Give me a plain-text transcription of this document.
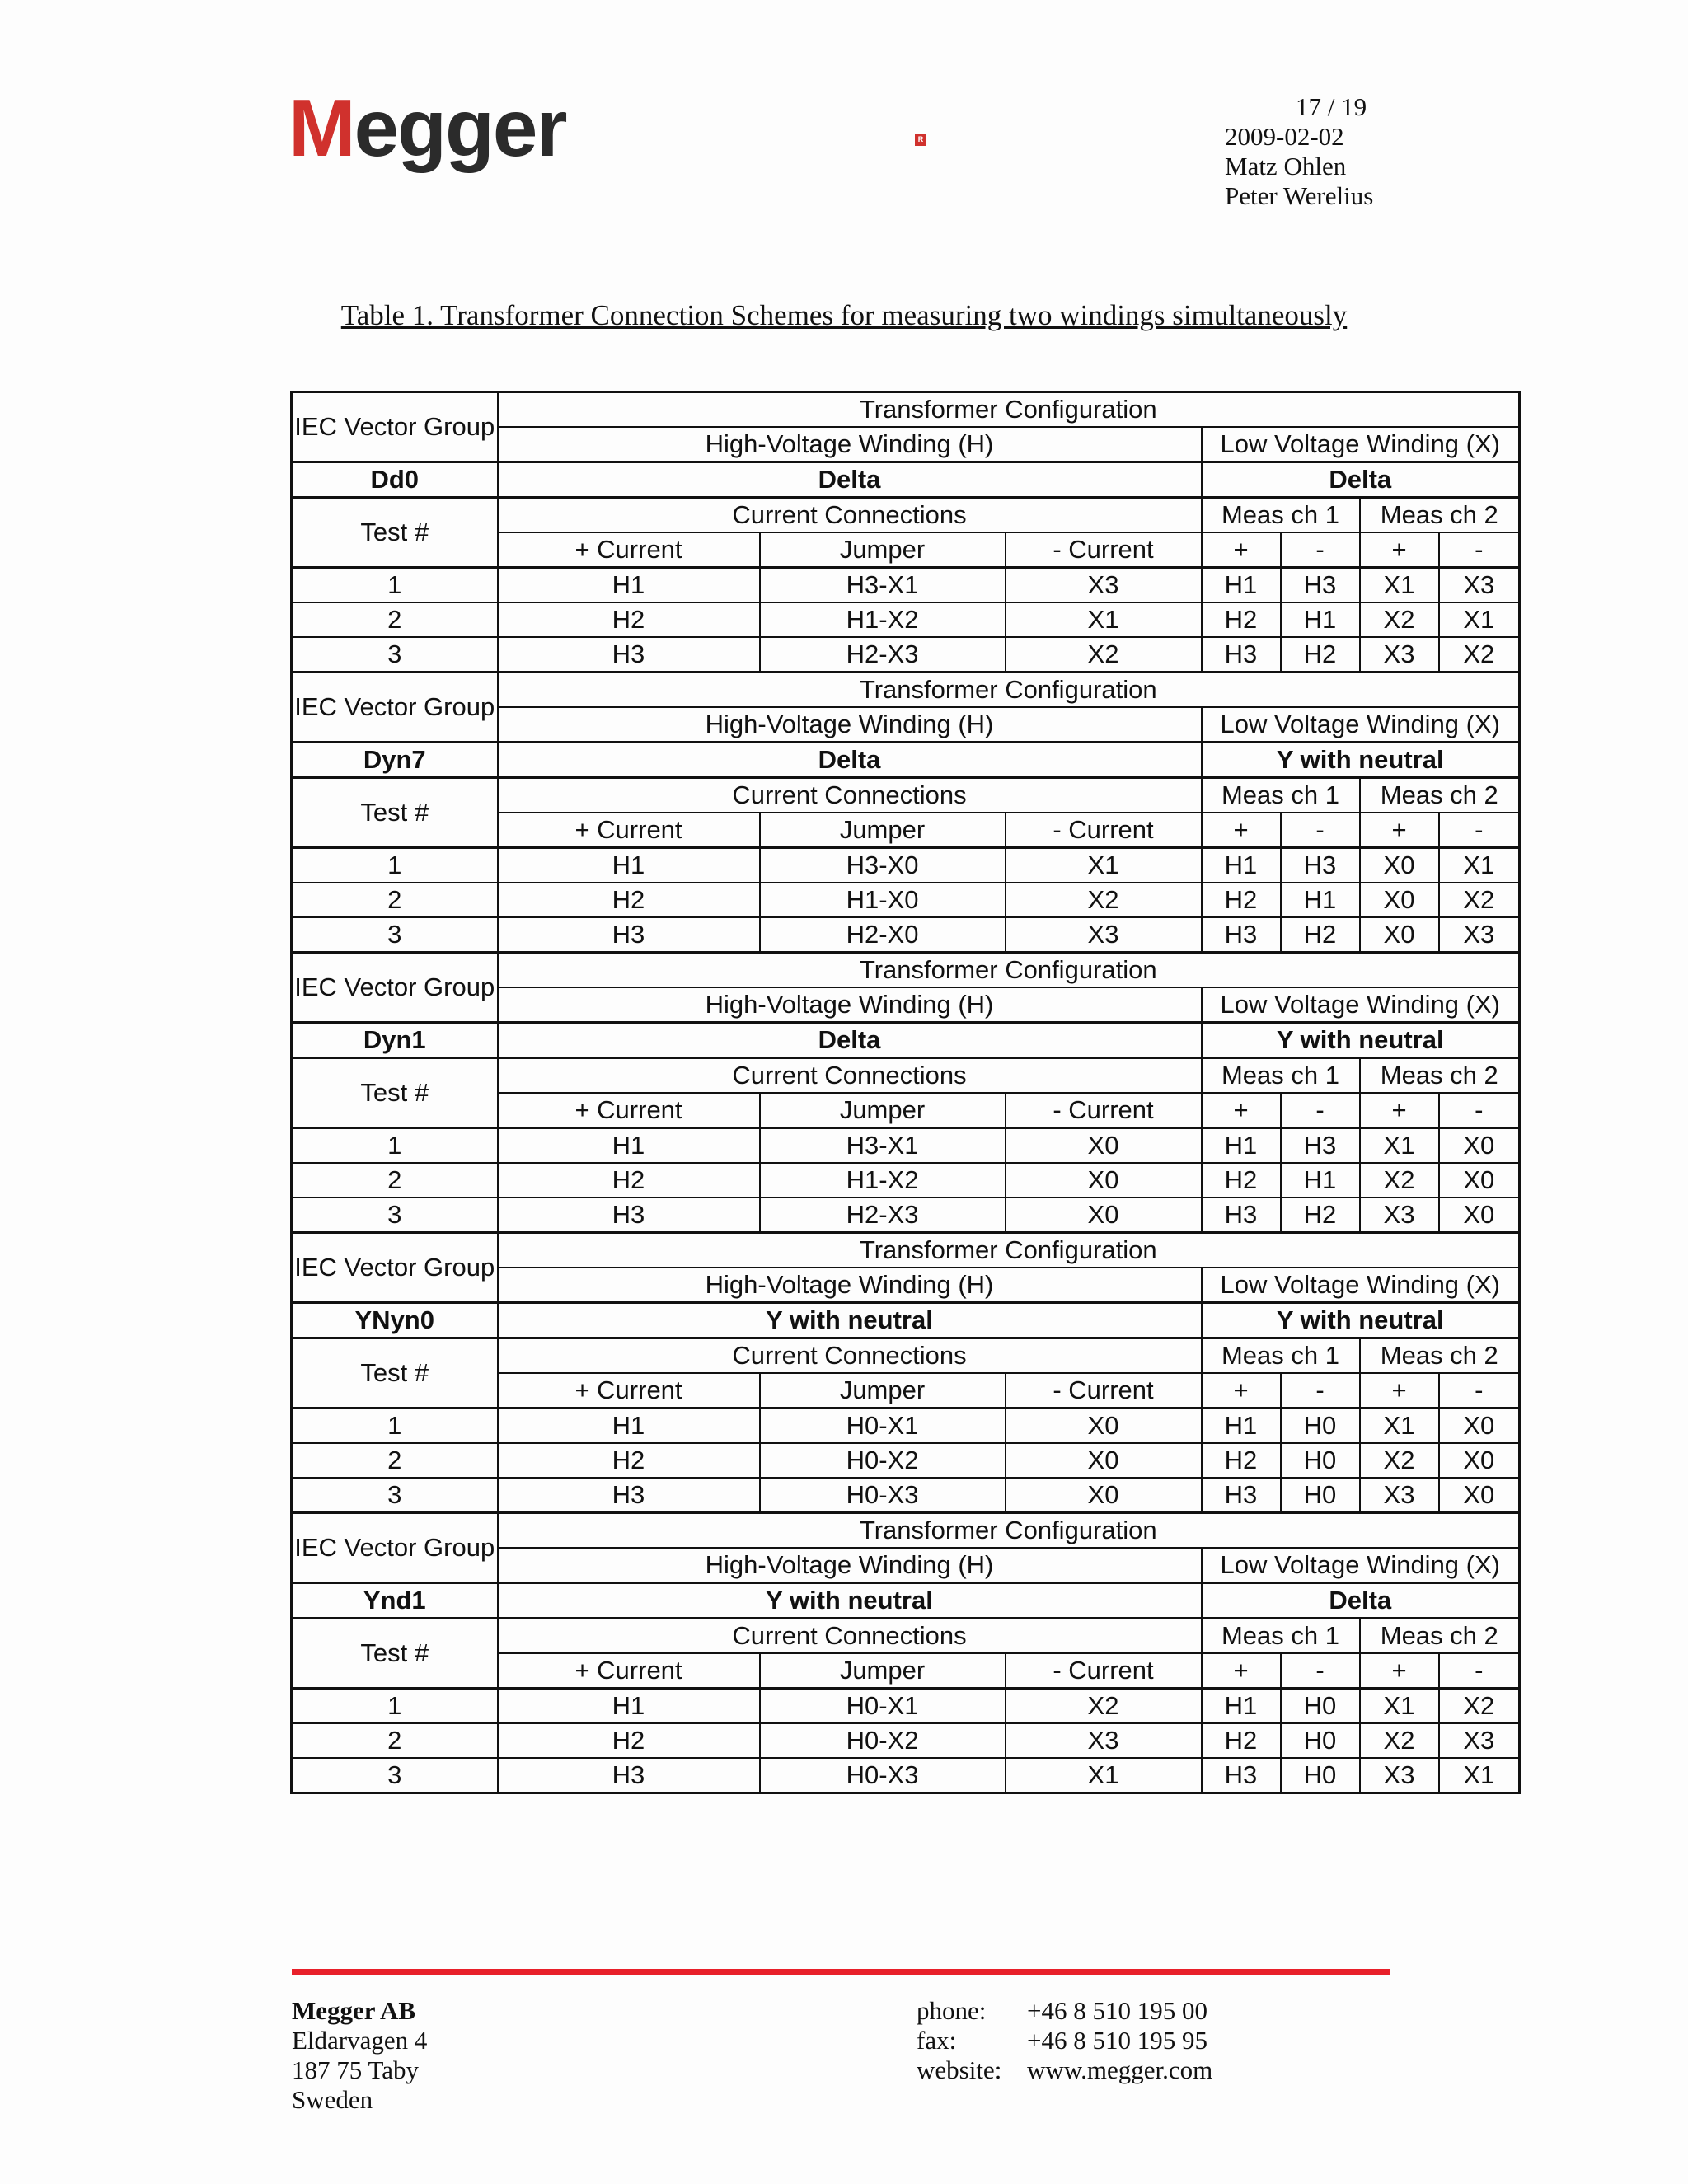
Megger	R
17 / 19
2009-02-02
Matz Ohlen
Peter Werelius
Table 1. Transformer Connection Schemes for measuring two windings simultaneously
IEC Vector Group	Transformer Configuration						
	High-Voltage Winding (H)			Low Voltage Winding (X)			
Dd0	Delta			Delta			
Test #	Current Connections			Meas ch 1		Meas ch 2	
	+ Current	Jumper	- Current	+	-	+	-
1	H1	H3-X1	X3	H1	H3	X1	X3
2	H2	H1-X2	X1	H2	H1	X2	X1
3	H3	H2-X3	X2	H3	H2	X3	X2
IEC Vector Group	Transformer Configuration						
	High-Voltage Winding (H)			Low Voltage Winding (X)			
Dyn7	Delta			Y with neutral			
Test #	Current Connections			Meas ch 1		Meas ch 2	
	+ Current	Jumper	- Current	+	-	+	-
1	H1	H3-X0	X1	H1	H3	X0	X1
2	H2	H1-X0	X2	H2	H1	X0	X2
3	H3	H2-X0	X3	H3	H2	X0	X3
IEC Vector Group	Transformer Configuration						
	High-Voltage Winding (H)			Low Voltage Winding (X)			
Dyn1	Delta			Y with neutral			
Test #	Current Connections			Meas ch 1		Meas ch 2	
	+ Current	Jumper	- Current	+	-	+	-
1	H1	H3-X1	X0	H1	H3	X1	X0
2	H2	H1-X2	X0	H2	H1	X2	X0
3	H3	H2-X3	X0	H3	H2	X3	X0
IEC Vector Group	Transformer Configuration						
	High-Voltage Winding (H)			Low Voltage Winding (X)			
YNyn0	Y with neutral			Y with neutral			
Test #	Current Connections			Meas ch 1		Meas ch 2	
	+ Current	Jumper	- Current	+	-	+	-
1	H1	H0-X1	X0	H1	H0	X1	X0
2	H2	H0-X2	X0	H2	H0	X2	X0
3	H3	H0-X3	X0	H3	H0	X3	X0
IEC Vector Group	Transformer Configuration						
	High-Voltage Winding (H)			Low Voltage Winding (X)			
Ynd1	Y with neutral			Delta			
Test #	Current Connections			Meas ch 1		Meas ch 2	
	+ Current	Jumper	- Current	+	-	+	-
1	H1	H0-X1	X2	H1	H0	X1	X2
2	H2	H0-X2	X3	H2	H0	X2	X3
3	H3	H0-X3	X1	H3	H0	X3	X1
Megger AB
Eldarvagen 4
187 75 Taby
Sweden
phone: +46 8 510 195 00
fax:	+46 8 510 195 95
website: www.megger.com
